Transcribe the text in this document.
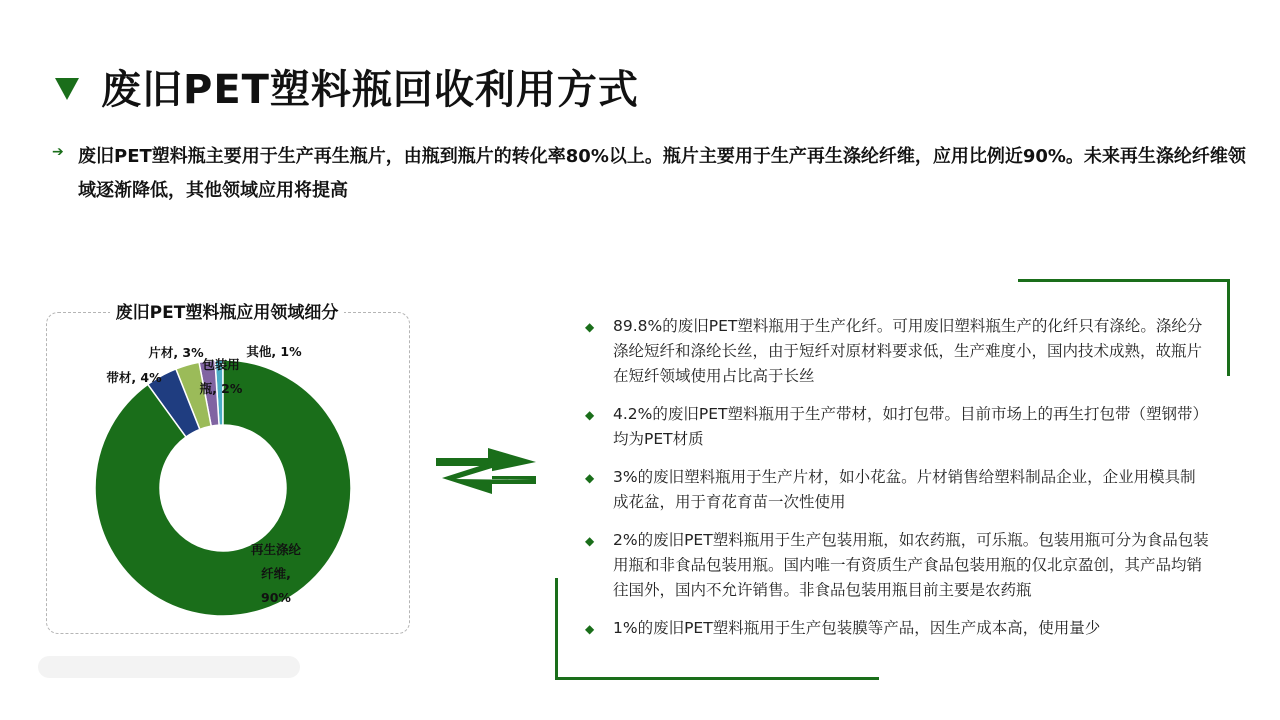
废旧PET塑料瓶回收利用方式
➔ 废旧PET塑料瓶主要用于生产再生瓶片，由瓶到瓶片的转化率80%以上。瓶片主要用于生产再生涤纶纤维，应用比例近90%。未来再生涤纶纤维领域逐渐降低，其他领域应用将提高
废旧PET塑料瓶应用领域细分
再生涤纶纤维, 90%
带材, 4%
片材, 3%
包装用瓶, 2%
其他, 1%
◆	89.8%的废旧PET塑料瓶用于生产化纤。可用废旧塑料瓶生产的化纤只有涤纶。涤纶分涤纶短纤和涤纶长丝，由于短纤对原材料要求低，生产难度小，国内技术成熟，故瓶片在短纤领域使用占比高于长丝
◆	4.2%的废旧PET塑料瓶用于生产带材，如打包带。目前市场上的再生打包带（塑钢带）均为PET材质
◆	3%的废旧塑料瓶用于生产片材，如小花盆。片材销售给塑料制品企业，企业用模具制成花盆，用于育花育苗一次性使用
◆	2%的废旧PET塑料瓶用于生产包装用瓶，如农药瓶，可乐瓶。包装用瓶可分为食品包装用瓶和非食品包装用瓶。国内唯一有资质生产食品包装用瓶的仅北京盈创，其产品均销往国外，国内不允许销售。非食品包装用瓶目前主要是农药瓶
◆	1%的废旧PET塑料瓶用于生产包装膜等产品，因生产成本高，使用量少
